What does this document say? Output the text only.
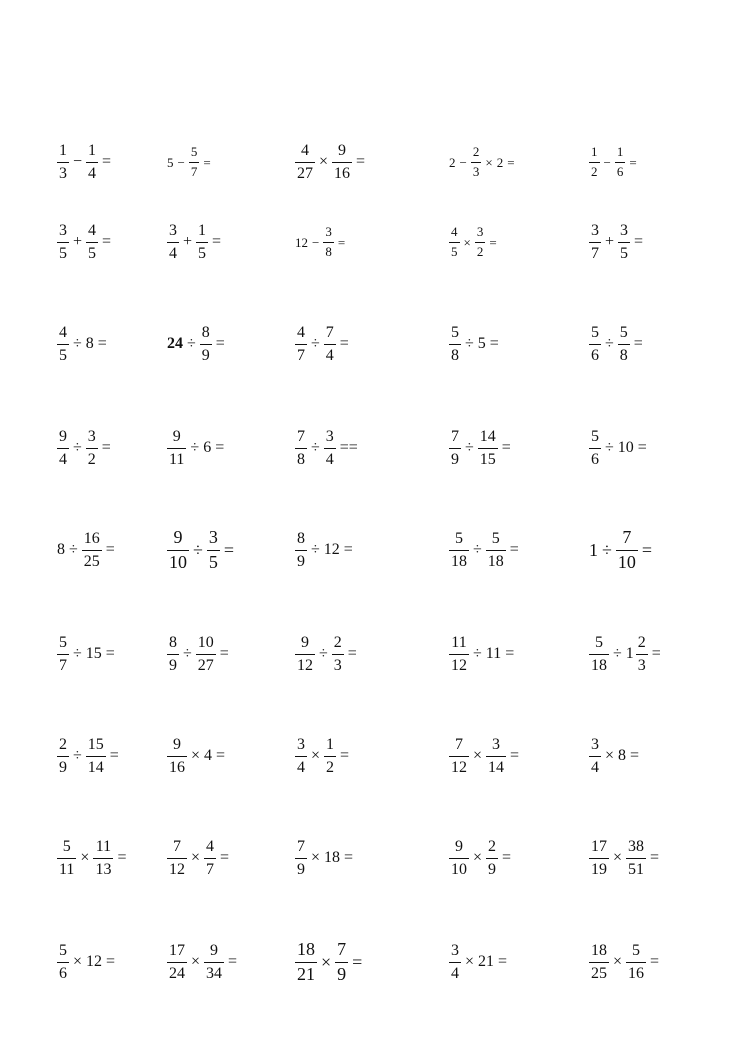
$\frac{1}{3} - \frac{1}{4}$ =	$5 - \frac{5}{7}$ =	$\frac{4}{27} \times \frac{9}{16}$ =	$2 - \frac{2}{3} \times 2$ =	$\frac{1}{2} - \frac{1}{6}$ =
$\frac{3}{5} + \frac{4}{5}$ =	$\frac{3}{4} + \frac{1}{5}$ =	$12 - \frac{3}{8}$ =	$\frac{4}{5} \times \frac{3}{2}$ =	$\frac{3}{7} + \frac{3}{5}$ =
$\frac{4}{5} \div 8$ =	$24 \div \frac{8}{9}$ =	$\frac{4}{7} \div \frac{7}{4}$ =	$\frac{5}{8} \div 5$ =	$\frac{5}{6} \div \frac{5}{8}$ =
$\frac{9}{4} \div \frac{3}{2}$ =	$\frac{9}{11} \div 6$ =	$\frac{7}{8} \div \frac{3}{4}$ ==	$\frac{7}{9} \div \frac{14}{15}$ =	$\frac{5}{6} \div 10$ =
$8 \div \frac{16}{25}$ =	$\frac{9}{10} \div \frac{3}{5}$ =	$\frac{8}{9} \div 12$ =	$\frac{5}{18} \div \frac{5}{18}$ =	$1 \div \frac{7}{10}$ =
$\frac{5}{7} \div 15$ =	$\frac{8}{9} \div \frac{10}{27}$ =	$\frac{9}{12} \div \frac{2}{3}$ =	$\frac{11}{12} \div 11$ =	$\frac{5}{18} \div 1 \frac{2}{3}$ =
$\frac{2}{9} \div \frac{15}{14}$ =	$\frac{9}{16} \times 4$ =	$\frac{3}{4} \times \frac{1}{2}$ =	$\frac{7}{12} \times \frac{3}{14}$ =	$\frac{3}{4} \times 8$ =
$\frac{5}{11} \times \frac{11}{13}$ =	$\frac{7}{12} \times \frac{4}{7}$ =	$\frac{7}{9} \times 18$ =	$\frac{9}{10} \times \frac{2}{9}$ =	$\frac{17}{19} \times \frac{38}{51}$ =
$\frac{5}{6} \times 12$ =	$\frac{17}{24} \times \frac{9}{34}$ =	$\frac{18}{21} \times \frac{7}{9}$ =	$\frac{3}{4} \times 21$ =	$\frac{18}{25} \times \frac{5}{16}$ =
